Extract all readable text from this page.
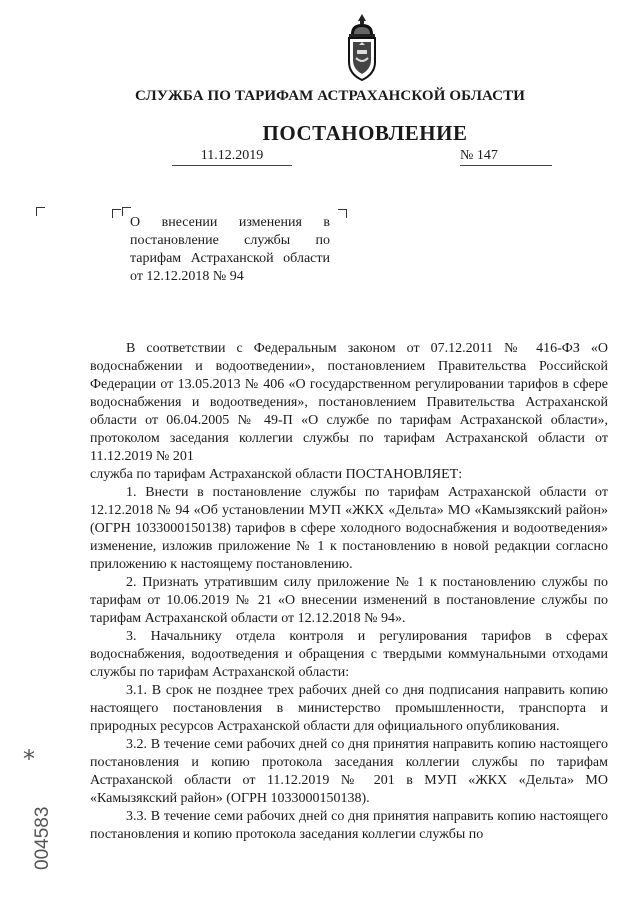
СЛУЖБА ПО ТАРИФАМ АСТРАХАНСКОЙ ОБЛАСТИ
ПОСТАНОВЛЕНИЕ
11.12.2019	№ 147
О внесении изменения в постановление службы по тарифам Астраханской области от 12.12.2018 № 94

В соответствии с Федеральным законом от 07.12.2011 № 416-ФЗ «О водоснабжении и водоотведении», постановлением Правительства Российской Федерации от 13.05.2013 № 406 «О государственном регулировании тарифов в сфере водоснабжения и водоотведения», постановлением Правительства Астраханской области от 06.04.2005 № 49-П «О службе по тарифам Астраханской области», протоколом заседания коллегии службы по тарифам Астраханской области от 11.12.2019 № 201

служба по тарифам Астраханской области ПОСТАНОВЛЯЕТ:

1. Внести в постановление службы по тарифам Астраханской области от 12.12.2018 № 94 «Об установлении МУП «ЖКХ «Дельта» МО «Камызякский район» (ОГРН 1033000150138) тарифов в сфере холодного водоснабжения и водоотведения» изменение, изложив приложение № 1 к постановлению в новой редакции согласно приложению к настоящему постановлению.

2. Признать утратившим силу приложение № 1 к постановлению службы по тарифам от 10.06.2019 № 21 «О внесении изменений в постановление службы по тарифам Астраханской области от 12.12.2018 № 94».

3. Начальнику отдела контроля и регулирования тарифов в сферах водоснабжения, водоотведения и обращения с твердыми коммунальными отходами службы по тарифам Астраханской области:

3.1. В срок не позднее трех рабочих дней со дня подписания направить копию настоящего постановления в министерство промышленности, транспорта и природных ресурсов Астраханской области для официального опубликования.

3.2. В течение семи рабочих дней со дня принятия направить копию настоящего постановления и копию протокола заседания коллегии службы по тарифам Астраханской области от 11.12.2019 № 201 в МУП «ЖКХ «Дельта» МО «Камызякский район» (ОГРН 1033000150138).

3.3. В течение семи рабочих дней со дня принятия направить копию настоящего постановления и копию протокола заседания коллегии службы по

*
004583
